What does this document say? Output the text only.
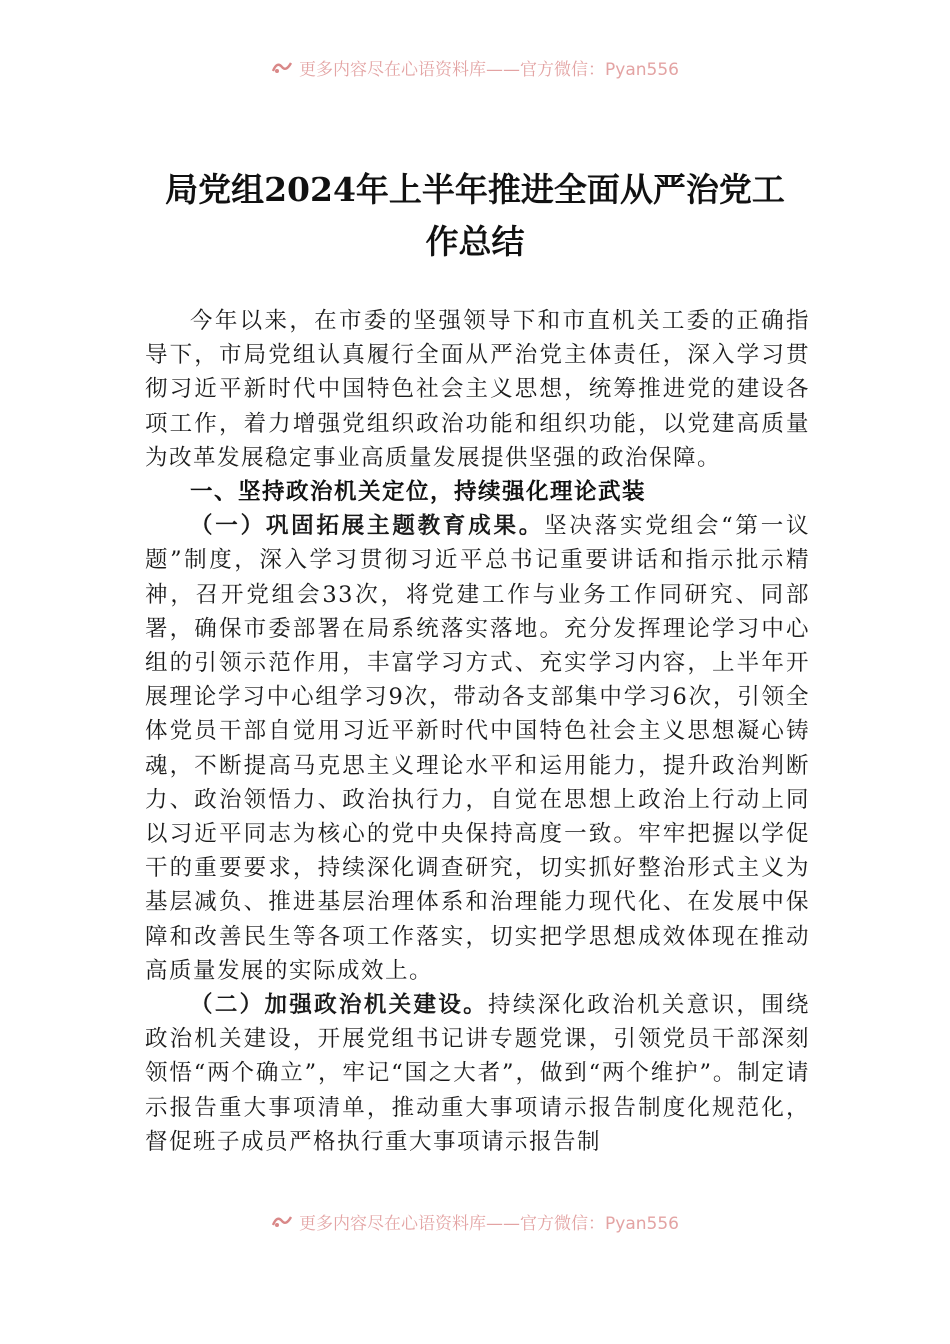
更多内容尽在心语资料库——官方微信：Pyan556
局党组2024年上半年推进全面从严治党工
作总结

今年以来，在市委的坚强领导下和市直机关工委的正确指导下，市局党组认真履行全面从严治党主体责任，深入学习贯彻习近平新时代中国特色社会主义思想，统筹推进党的建设各项工作，着力增强党组织政治功能和组织功能，以党建高质量为改革发展稳定事业高质量发展提供坚强的政治保障。

一、坚持政治机关定位，持续强化理论武装

（一）巩固拓展主题教育成果。坚决落实党组会“第一议题”制度，深入学习贯彻习近平总书记重要讲话和指示批示精神，召开党组会33次，将党建工作与业务工作同研究、同部署，确保市委部署在局系统落实落地。充分发挥理论学习中心组的引领示范作用，丰富学习方式、充实学习内容，上半年开展理论学习中心组学习9次，带动各支部集中学习6次，引领全体党员干部自觉用习近平新时代中国特色社会主义思想凝心铸魂，不断提高马克思主义理论水平和运用能力，提升政治判断力、政治领悟力、政治执行力，自觉在思想上政治上行动上同以习近平同志为核心的党中央保持高度一致。牢牢把握以学促干的重要要求，持续深化调查研究，切实抓好整治形式主义为基层减负、推进基层治理体系和治理能力现代化、在发展中保障和改善民生等各项工作落实，切实把学思想成效体现在推动高质量发展的实际成效上。

（二）加强政治机关建设。持续深化政治机关意识，围绕政治机关建设，开展党组书记讲专题党课，引领党员干部深刻领悟“两个确立”，牢记“国之大者”，做到“两个维护”。制定请示报告重大事项清单，推动重大事项请示报告制度化规范化，督促班子成员严格执行重大事项请示报告制

更多内容尽在心语资料库——官方微信：Pyan556
